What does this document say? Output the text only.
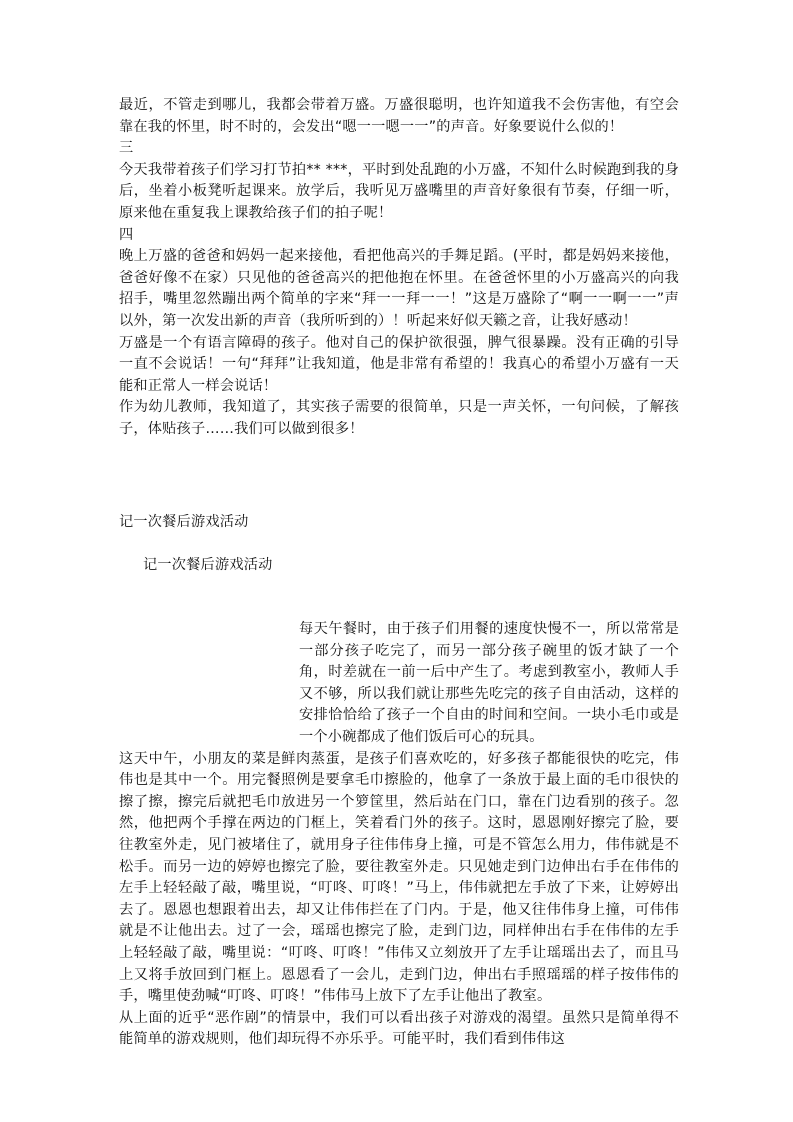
最近，不管走到哪儿，我都会带着万盛。万盛很聪明，也许知道我不会伤害他，有空会靠在我的怀里，时不时的，会发出“嗯一一嗯一一”的声音。好象要说什么似的！

三

今天我带着孩子们学习打节拍** ***，平时到处乱跑的小万盛，不知什么时候跑到我的身后，坐着小板凳听起课来。放学后，我听见万盛嘴里的声音好象很有节奏，仔细一听，原来他在重复我上课教给孩子们的拍子呢！

四

晚上万盛的爸爸和妈妈一起来接他，看把他高兴的手舞足蹈。(平时，都是妈妈来接他，爸爸好像不在家）只见他的爸爸高兴的把他抱在怀里。在爸爸怀里的小万盛高兴的向我招手，嘴里忽然蹦出两个简单的字来“拜一一拜一一！”这是万盛除了“啊一一啊一一”声以外，第一次发出新的声音（我所听到的）！听起来好似天籁之音，让我好感动！

万盛是一个有语言障碍的孩子。他对自己的保护欲很强，脾气很暴躁。没有正确的引导一直不会说话！一句“拜拜”让我知道，他是非常有希望的！我真心的希望小万盛有一天能和正常人一样会说话！

作为幼儿教师，我知道了，其实孩子需要的很简单，只是一声关怀，一句问候，了解孩子，体贴孩子……我们可以做到很多！

记一次餐后游戏活动
记一次餐后游戏活动

每天午餐时，由于孩子们用餐的速度快慢不一，所以常常是一部分孩子吃完了，而另一部分孩子碗里的饭才缺了一个角，时差就在一前一后中产生了。考虑到教室小，教师人手又不够，所以我们就让那些先吃完的孩子自由活动，这样的安排恰恰给了孩子一个自由的时间和空间。一块小毛巾或是一个小碗都成了他们饭后可心的玩具。

这天中午，小朋友的菜是鲜肉蒸蛋，是孩子们喜欢吃的，好多孩子都能很快的吃完，伟伟也是其中一个。用完餐照例是要拿毛巾擦脸的，他拿了一条放于最上面的毛巾很快的擦了擦，擦完后就把毛巾放进另一个箩筐里，然后站在门口，靠在门边看别的孩子。忽然，他把两个手撑在两边的门框上，笑着看门外的孩子。这时，恩恩刚好擦完了脸，要往教室外走，见门被堵住了，就用身子往伟伟身上撞，可是不管怎么用力，伟伟就是不松手。而另一边的婷婷也擦完了脸，要往教室外走。只见她走到门边伸出右手在伟伟的左手上轻轻敲了敲，嘴里说，“叮咚、叮咚！”马上，伟伟就把左手放了下来，让婷婷出去了。恩恩也想跟着出去，却又让伟伟拦在了门内。于是，他又往伟伟身上撞，可伟伟就是不让他出去。过了一会，瑶瑶也擦完了脸，走到门边，同样伸出右手在伟伟的左手上轻轻敲了敲，嘴里说：“叮咚、叮咚！”伟伟又立刻放开了左手让瑶瑶出去了，而且马上又将手放回到门框上。恩恩看了一会儿，走到门边，伸出右手照瑶瑶的样子按伟伟的手，嘴里使劲喊“叮咚、叮咚！”伟伟马上放下了左手让他出了教室。

从上面的近乎“恶作剧”的情景中，我们可以看出孩子对游戏的渴望。虽然只是简单得不能简单的游戏规则，他们却玩得不亦乐乎。可能平时，我们看到伟伟这
